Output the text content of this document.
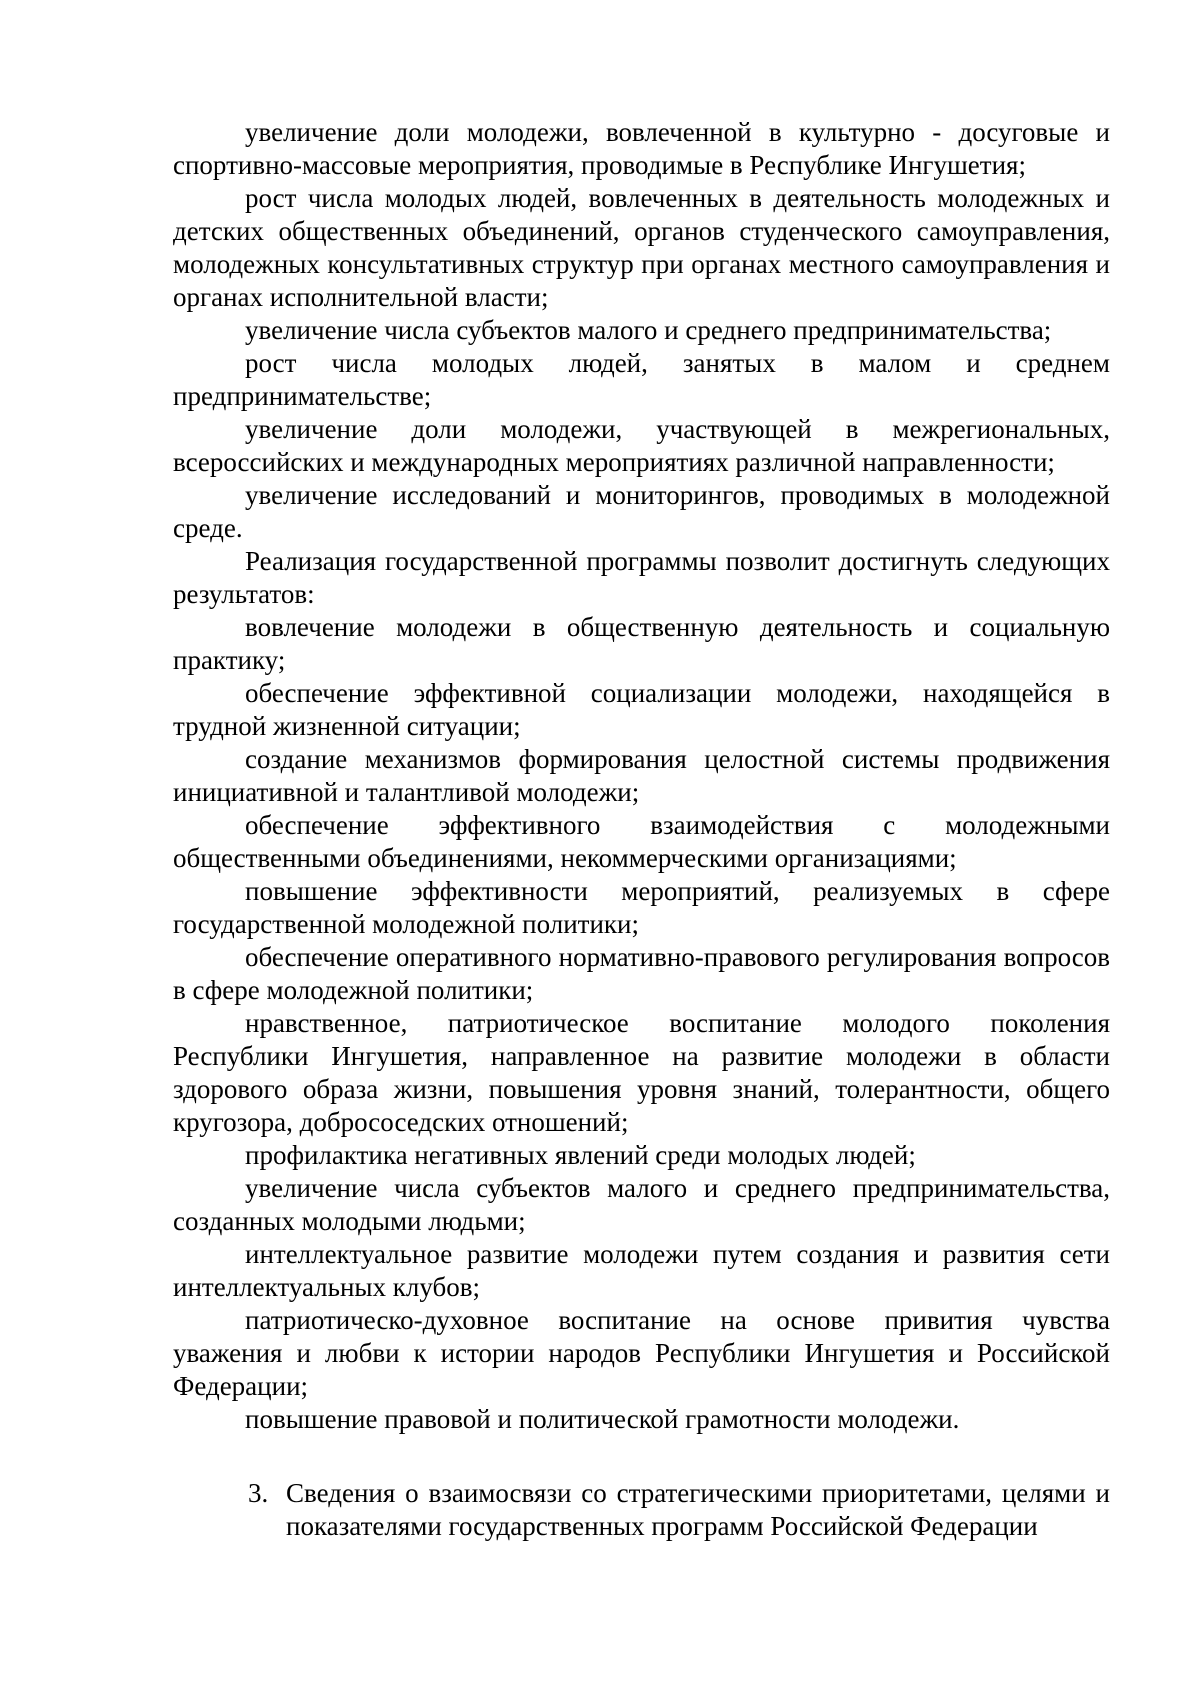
увеличение доли молодежи, вовлеченной в культурно - досуговые и спортивно-массовые мероприятия, проводимые в Республике Ингушетия;

рост числа молодых людей, вовлеченных в деятельность молодежных и детских общественных объединений, органов студенческого самоуправления, молодежных консультативных структур при органах местного самоуправления и органах исполнительной власти;

увеличение числа субъектов малого и среднего предпринимательства;

рост числа молодых людей, занятых в малом и среднем предпринимательстве;

увеличение доли молодежи, участвующей в межрегиональных, всероссийских и международных мероприятиях различной направленности;

увеличение исследований и мониторингов, проводимых в молодежной среде.

Реализация государственной программы позволит достигнуть следующих результатов:

вовлечение молодежи в общественную деятельность и социальную практику;

обеспечение эффективной социализации молодежи, находящейся в трудной жизненной ситуации;

создание механизмов формирования целостной системы продвижения инициативной и талантливой молодежи;

обеспечение эффективного взаимодействия с молодежными общественными объединениями, некоммерческими организациями;

повышение эффективности мероприятий, реализуемых в сфере государственной молодежной политики;

обеспечение оперативного нормативно-правового регулирования вопросов в сфере молодежной политики;

нравственное, патриотическое воспитание молодого поколения Республики Ингушетия, направленное на развитие молодежи в области здорового образа жизни, повышения уровня знаний, толерантности, общего кругозора, добрососедских отношений;

профилактика негативных явлений среди молодых людей;

увеличение числа субъектов малого и среднего предпринимательства, созданных молодыми людьми;

интеллектуальное развитие молодежи путем создания и развития сети интеллектуальных клубов;

патриотическо-духовное воспитание на основе привития чувства уважения и любви к истории народов Республики Ингушетия и Российской Федерации;

повышение правовой и политической грамотности молодежи.

3. Сведения о взаимосвязи со стратегическими приоритетами, целями и показателями государственных программ Российской Федерации
